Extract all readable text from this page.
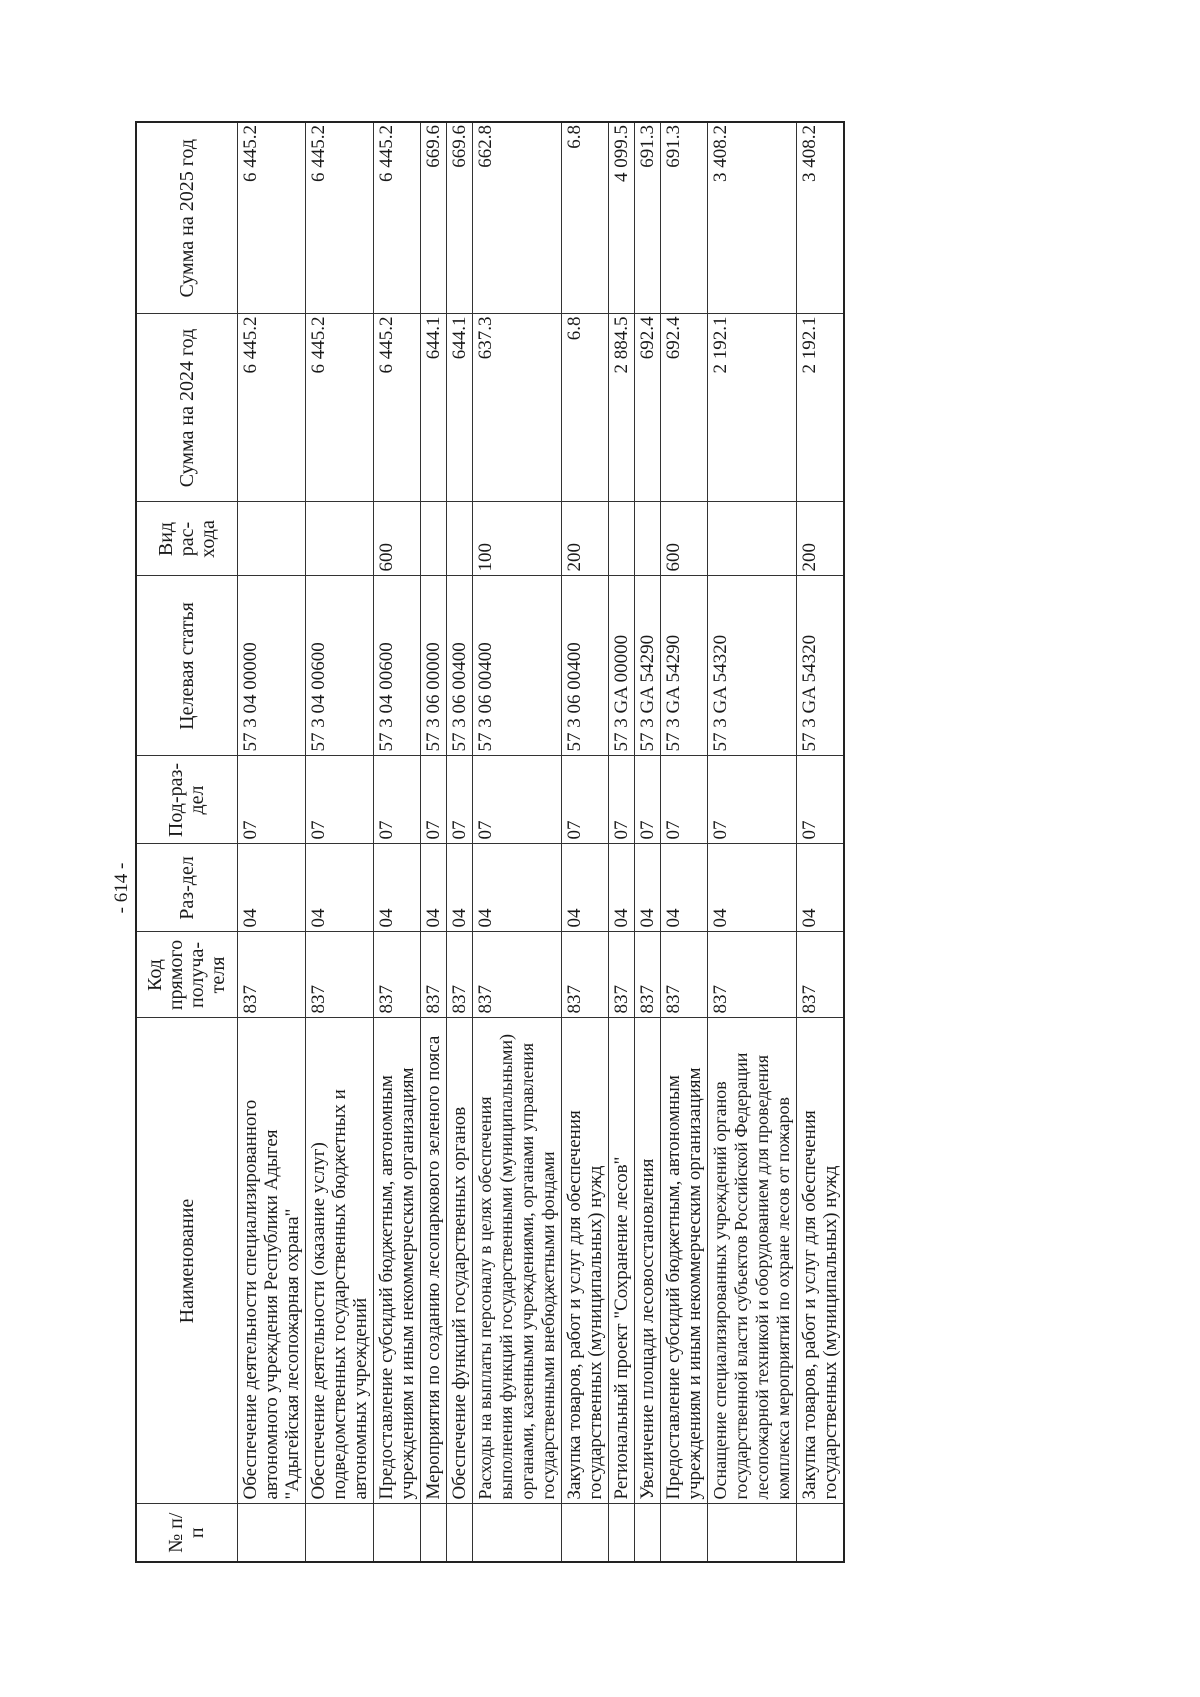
- 614 -
№ п/п	Наименование	Код прямого получа-теля	Раз-дел	Под-раз-дел	Целевая статья	Вид рас-хода	Сумма на 2024 год	Сумма на 2025 год
	Обеспечение деятельности специализированного автономного учреждения Республики Адыгея "Адыгейская лесопожарная охрана"	837	04	07	57 3 04 00000		6 445.2	6 445.2
	Обеспечение деятельности (оказание услуг) подведомственных государственных бюджетных и автономных учреждений	837	04	07	57 3 04 00600		6 445.2	6 445.2
	Предоставление субсидий бюджетным, автономным учреждениям и иным некоммерческим организациям	837	04	07	57 3 04 00600	600	6 445.2	6 445.2
	Мероприятия по созданию лесопаркового зеленого пояса	837	04	07	57 3 06 00000		644.1	669.6
	Обеспечение функций государственных органов	837	04	07	57 3 06 00400		644.1	669.6
	Расходы на выплаты персоналу в целях обеспечения выполнения функций государственными (муниципальными) органами, казенными учреждениями, органами управления государственными внебюджетными фондами	837	04	07	57 3 06 00400	100	637.3	662.8
	Закупка товаров, работ и услуг для обеспечения государственных (муниципальных) нужд	837	04	07	57 3 06 00400	200	6.8	6.8
	Региональный проект "Сохранение лесов"	837	04	07	57 3 GA 00000		2 884.5	4 099.5
	Увеличение площади лесовосстановления	837	04	07	57 3 GA 54290		692.4	691.3
	Предоставление субсидий бюджетным, автономным учреждениям и иным некоммерческим организациям	837	04	07	57 3 GA 54290	600	692.4	691.3
	Оснащение специализированных учреждений органов государственной власти субъектов Российской Федерации лесопожарной техникой и оборудованием для проведения комплекса мероприятий по охране лесов от пожаров	837	04	07	57 3 GA 54320		2 192.1	3 408.2
	Закупка товаров, работ и услуг для обеспечения государственных (муниципальных) нужд	837	04	07	57 3 GA 54320	200	2 192.1	3 408.2
